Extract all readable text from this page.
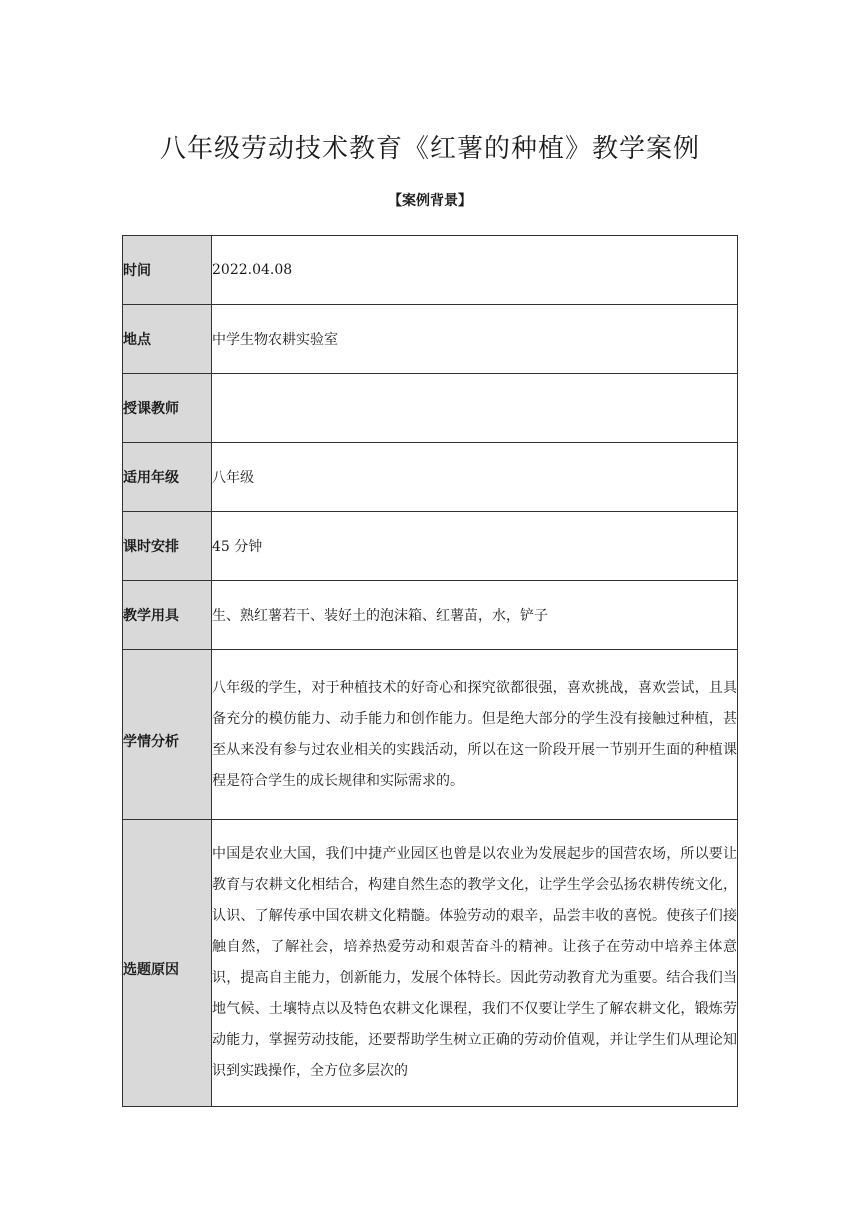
八年级劳动技术教育《红薯的种植》教学案例
【案例背景】
时间	2022.04.08
地点	中学生物农耕实验室
授课教师	
适用年级	八年级
课时安排	45 分钟
教学用具	生、熟红薯若干、装好土的泡沫箱、红薯苗，水，铲子
学情分析	八年级的学生，对于种植技术的好奇心和探究欲都很强，喜欢挑战，喜欢尝试，且具备充分的模仿能力、动手能力和创作能力。但是绝大部分的学生没有接触过种植，甚至从来没有参与过农业相关的实践活动，所以在这一阶段开展一节别开生面的种植课程是符合学生的成长规律和实际需求的。
选题原因	中国是农业大国，我们中捷产业园区也曾是以农业为发展起步的国营农场，所以要让教育与农耕文化相结合，构建自然生态的教学文化，让学生学会弘扬农耕传统文化，认识、了解传承中国农耕文化精髓。体验劳动的艰辛，品尝丰收的喜悦。使孩子们接触自然，了解社会，培养热爱劳动和艰苦奋斗的精神。让孩子在劳动中培养主体意识，提高自主能力，创新能力，发展个体特长。因此劳动教育尤为重要。结合我们当地气候、土壤特点以及特色农耕文化课程，我们不仅要让学生了解农耕文化，锻炼劳动能力，掌握劳动技能，还要帮助学生树立正确的劳动价值观，并让学生们从理论知识到实践操作，全方位多层次的
